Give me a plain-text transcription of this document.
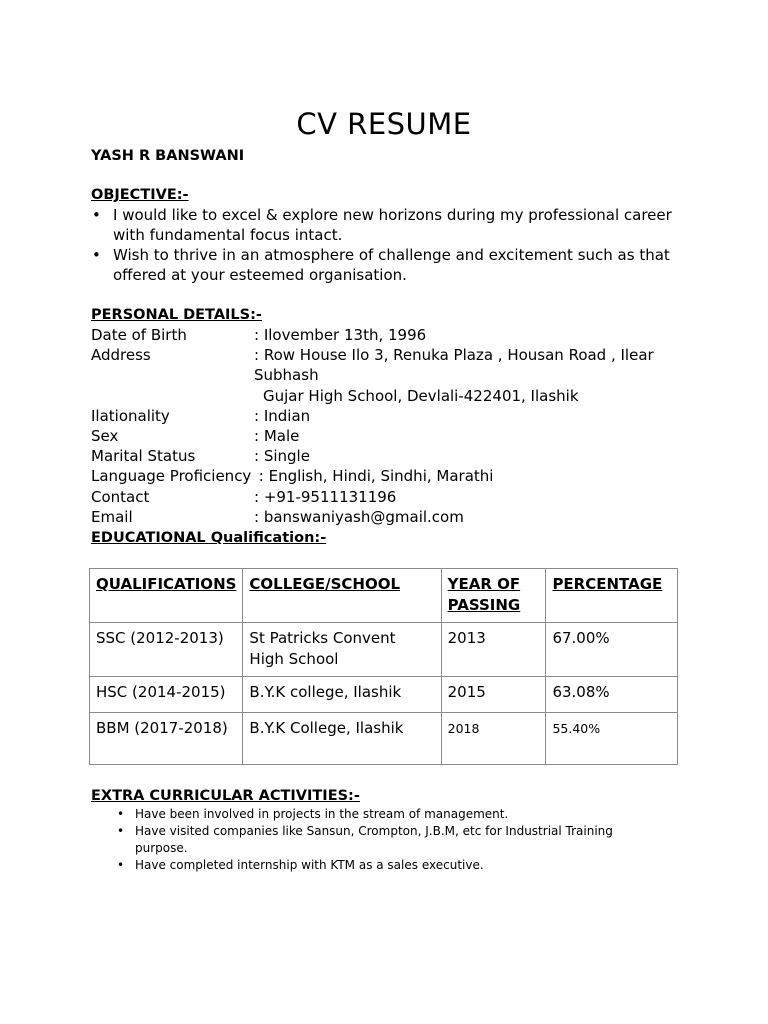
CV RESUME
YASH R BANSWANI
OBJECTIVE:-
• I would like to excel & explore new horizons during my professional career with fundamental focus intact.
• Wish to thrive in an atmosphere of challenge and excitement such as that offered at your esteemed organisation.
PERSONAL DETAILS:-
Date of Birth	: Ilovember 13th, 1996
Address	: Row House Ilo 3, Renuka Plaza , Housan Road , Ilear Subhash
Gujar High School, Devlali-422401, Ilashik
Ilationality	: Indian
Sex	: Male
Marital Status	: Single
Language Proficiency : English, Hindi, Sindhi, Marathi
Contact	: +91-9511131196
Email	: banswaniyash@gmail.com
EDUCATIONAL Qualification:-
QUALIFICATIONS	COLLEGE/SCHOOL	YEAR OF PASSING	PERCENTAGE
SSC (2012-2013)	St Patricks Convent High School	2013	67.00%
HSC (2014-2015)	B.Y.K college, Ilashik	2015	63.08%
BBM (2017-2018)	B.Y.K College, Ilashik	2018	55.40%
EXTRA CURRICULAR ACTIVITIES:-
• Have been involved in projects in the stream of management.
• Have visited companies like Sansun, Crompton, J.B.M, etc for Industrial Training purpose.
• Have completed internship with KTM as a sales executive.
